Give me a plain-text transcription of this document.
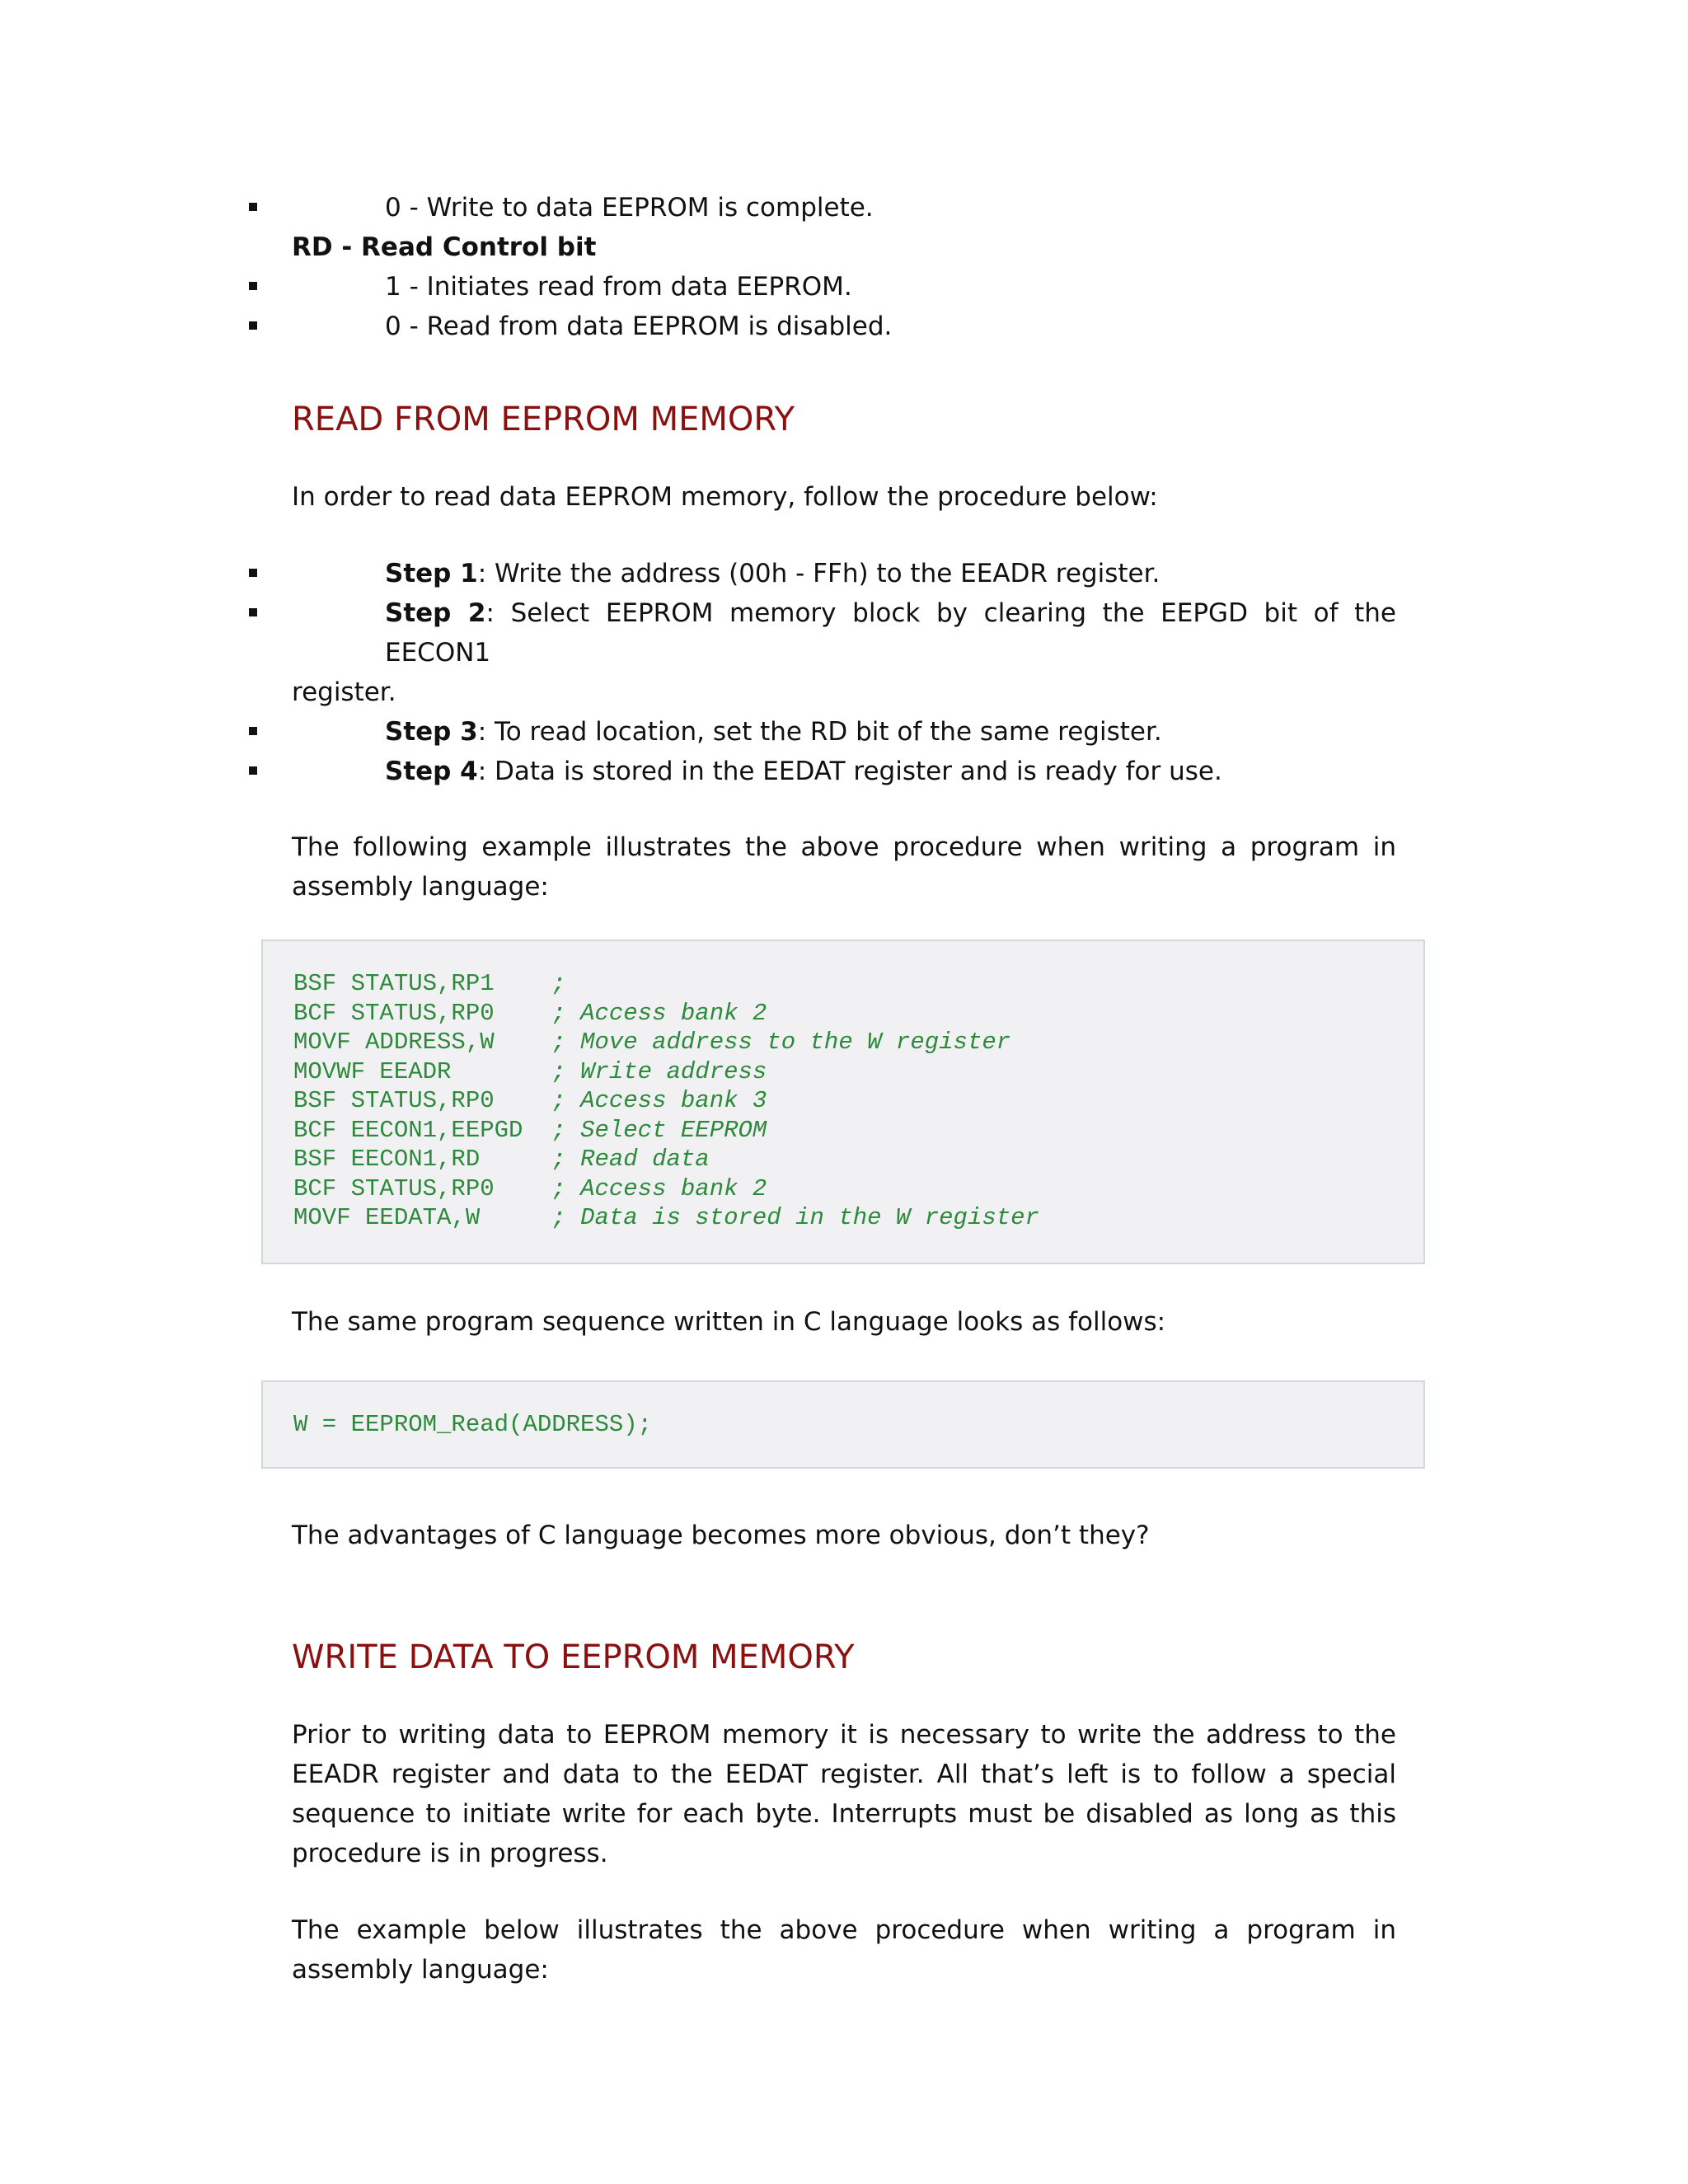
0 - Write to data EEPROM is complete.
RD - Read Control bit
1 - Initiates read from data EEPROM.
0 - Read from data EEPROM is disabled.
READ FROM EEPROM MEMORY

In order to read data EEPROM memory, follow the procedure below:

Step 1: Write the address (00h - FFh) to the EEADR register.
Step 2: Select EEPROM memory block by clearing the EEPGD bit of the EECON1
register.
Step 3: To read location, set the RD bit of the same register.
Step 4: Data is stored in the EEDAT register and is ready for use.

The following example illustrates the above procedure when writing a program in assembly language:

BSF STATUS,RP1    ;
BCF STATUS,RP0    ; Access bank 2
MOVF ADDRESS,W    ; Move address to the W register
MOVWF EEADR       ; Write address
BSF STATUS,RP0    ; Access bank 3
BCF EECON1,EEPGD  ; Select EEPROM
BSF EECON1,RD     ; Read data
BCF STATUS,RP0    ; Access bank 2
MOVF EEDATA,W     ; Data is stored in the W register

The same program sequence written in C language looks as follows:

W = EEPROM_Read(ADDRESS);

The advantages of C language becomes more obvious, don’t they?

WRITE DATA TO EEPROM MEMORY

Prior to writing data to EEPROM memory it is necessary to write the address to the EEADR register and data to the EEDAT register. All that’s left is to follow a special sequence to initiate write for each byte. Interrupts must be disabled as long as this procedure is in progress.

The example below illustrates the above procedure when writing a program in assembly language:
